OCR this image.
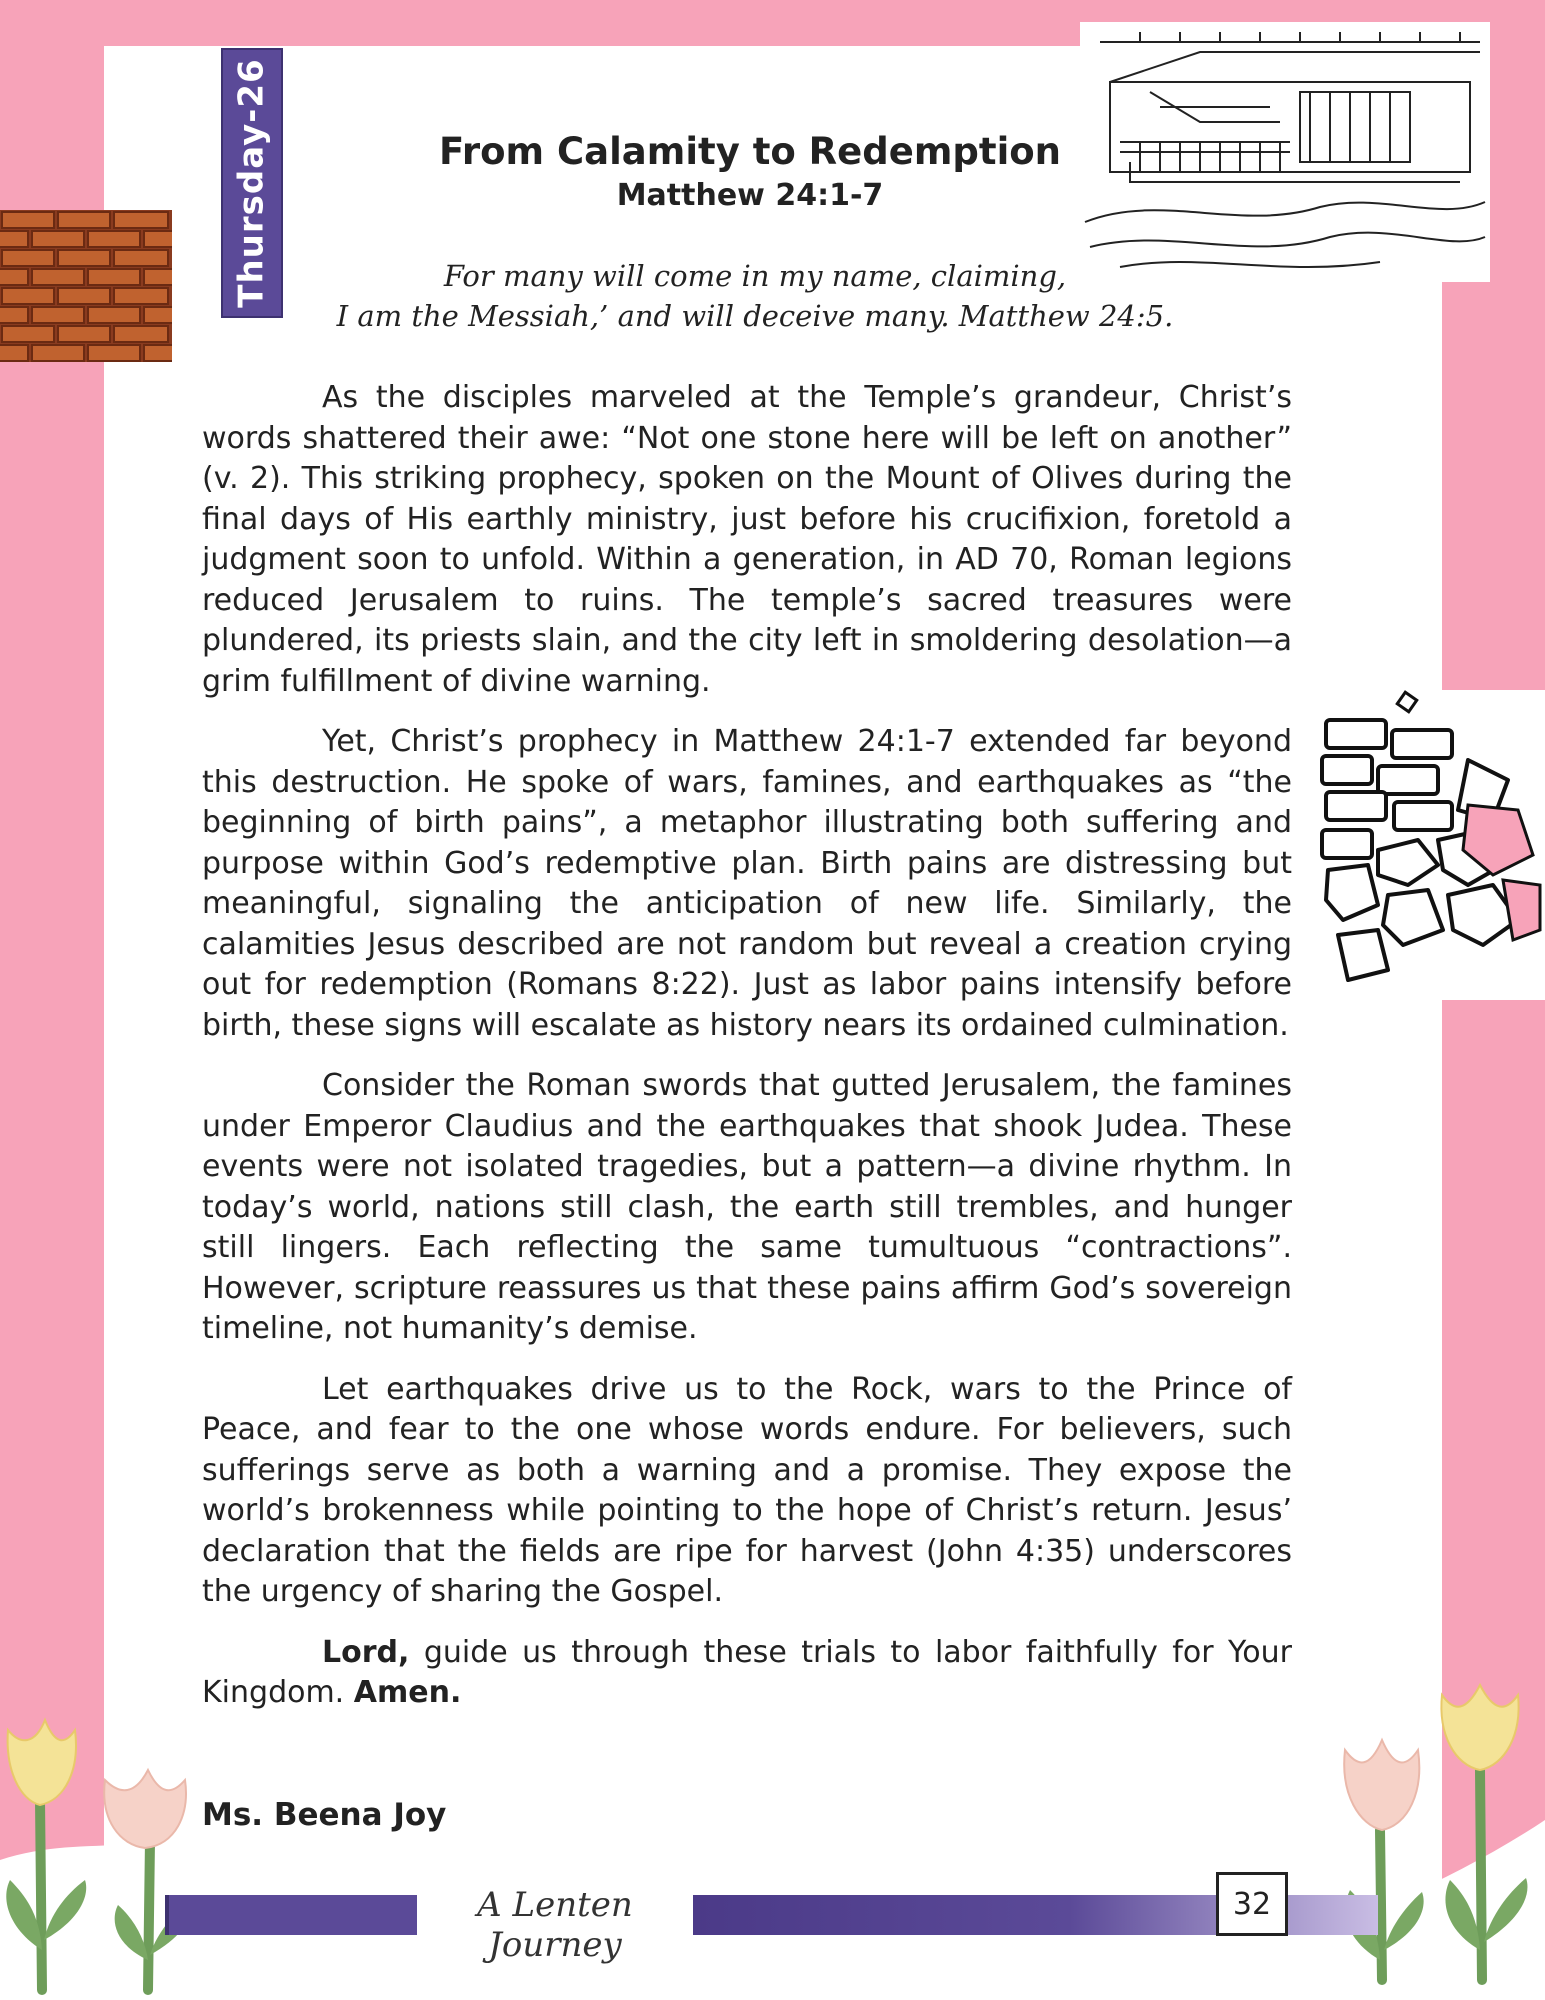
Thursday-26	From Calamity to Redemption
Matthew 24:1-7
For many will come in my name, claiming,
I am the Messiah,’ and will deceive many. Matthew 24:5.

As the disciples marveled at the Temple’s grandeur, Christ’s words shattered their awe: “Not one stone here will be left on another” (v. 2). This striking prophecy, spoken on the Mount of Olives during the final days of His earthly ministry, just before his crucifixion, foretold a judgment soon to unfold. Within a generation, in AD 70, Roman legions reduced Jerusalem to ruins. The temple’s sacred treasures were plundered, its priests slain, and the city left in smoldering desolation—a grim fulfillment of divine warning.

Yet, Christ’s prophecy in Matthew 24:1-7 extended far beyond this destruction. He spoke of wars, famines, and earthquakes as “the beginning of birth pains”, a metaphor illustrating both suffering and purpose within God’s redemptive plan. Birth pains are distressing but meaningful, signaling the anticipation of new life. Similarly, the calamities Jesus described are not random but reveal a creation crying out for redemption (Romans 8:22). Just as labor pains intensify before birth, these signs will escalate as history nears its ordained culmination.

Consider the Roman swords that gutted Jerusalem, the famines under Emperor Claudius and the earthquakes that shook Judea. These events were not isolated tragedies, but a pattern—a divine rhythm. In today’s world, nations still clash, the earth still trembles, and hunger still lingers. Each reflecting the same tumultuous “contractions”. However, scripture reassures us that these pains affirm God’s sovereign timeline, not humanity’s demise.

Let earthquakes drive us to the Rock, wars to the Prince of Peace, and fear to the one whose words endure. For believers, such sufferings serve as both a warning and a promise. They expose the world’s brokenness while pointing to the hope of Christ’s return. Jesus’ declaration that the fields are ripe for harvest (John 4:35) underscores the urgency of sharing the Gospel.

Lord, guide us through these trials to labor faithfully for Your Kingdom. Amen.

Ms. Beena Joy
A Lenten Journey
32
